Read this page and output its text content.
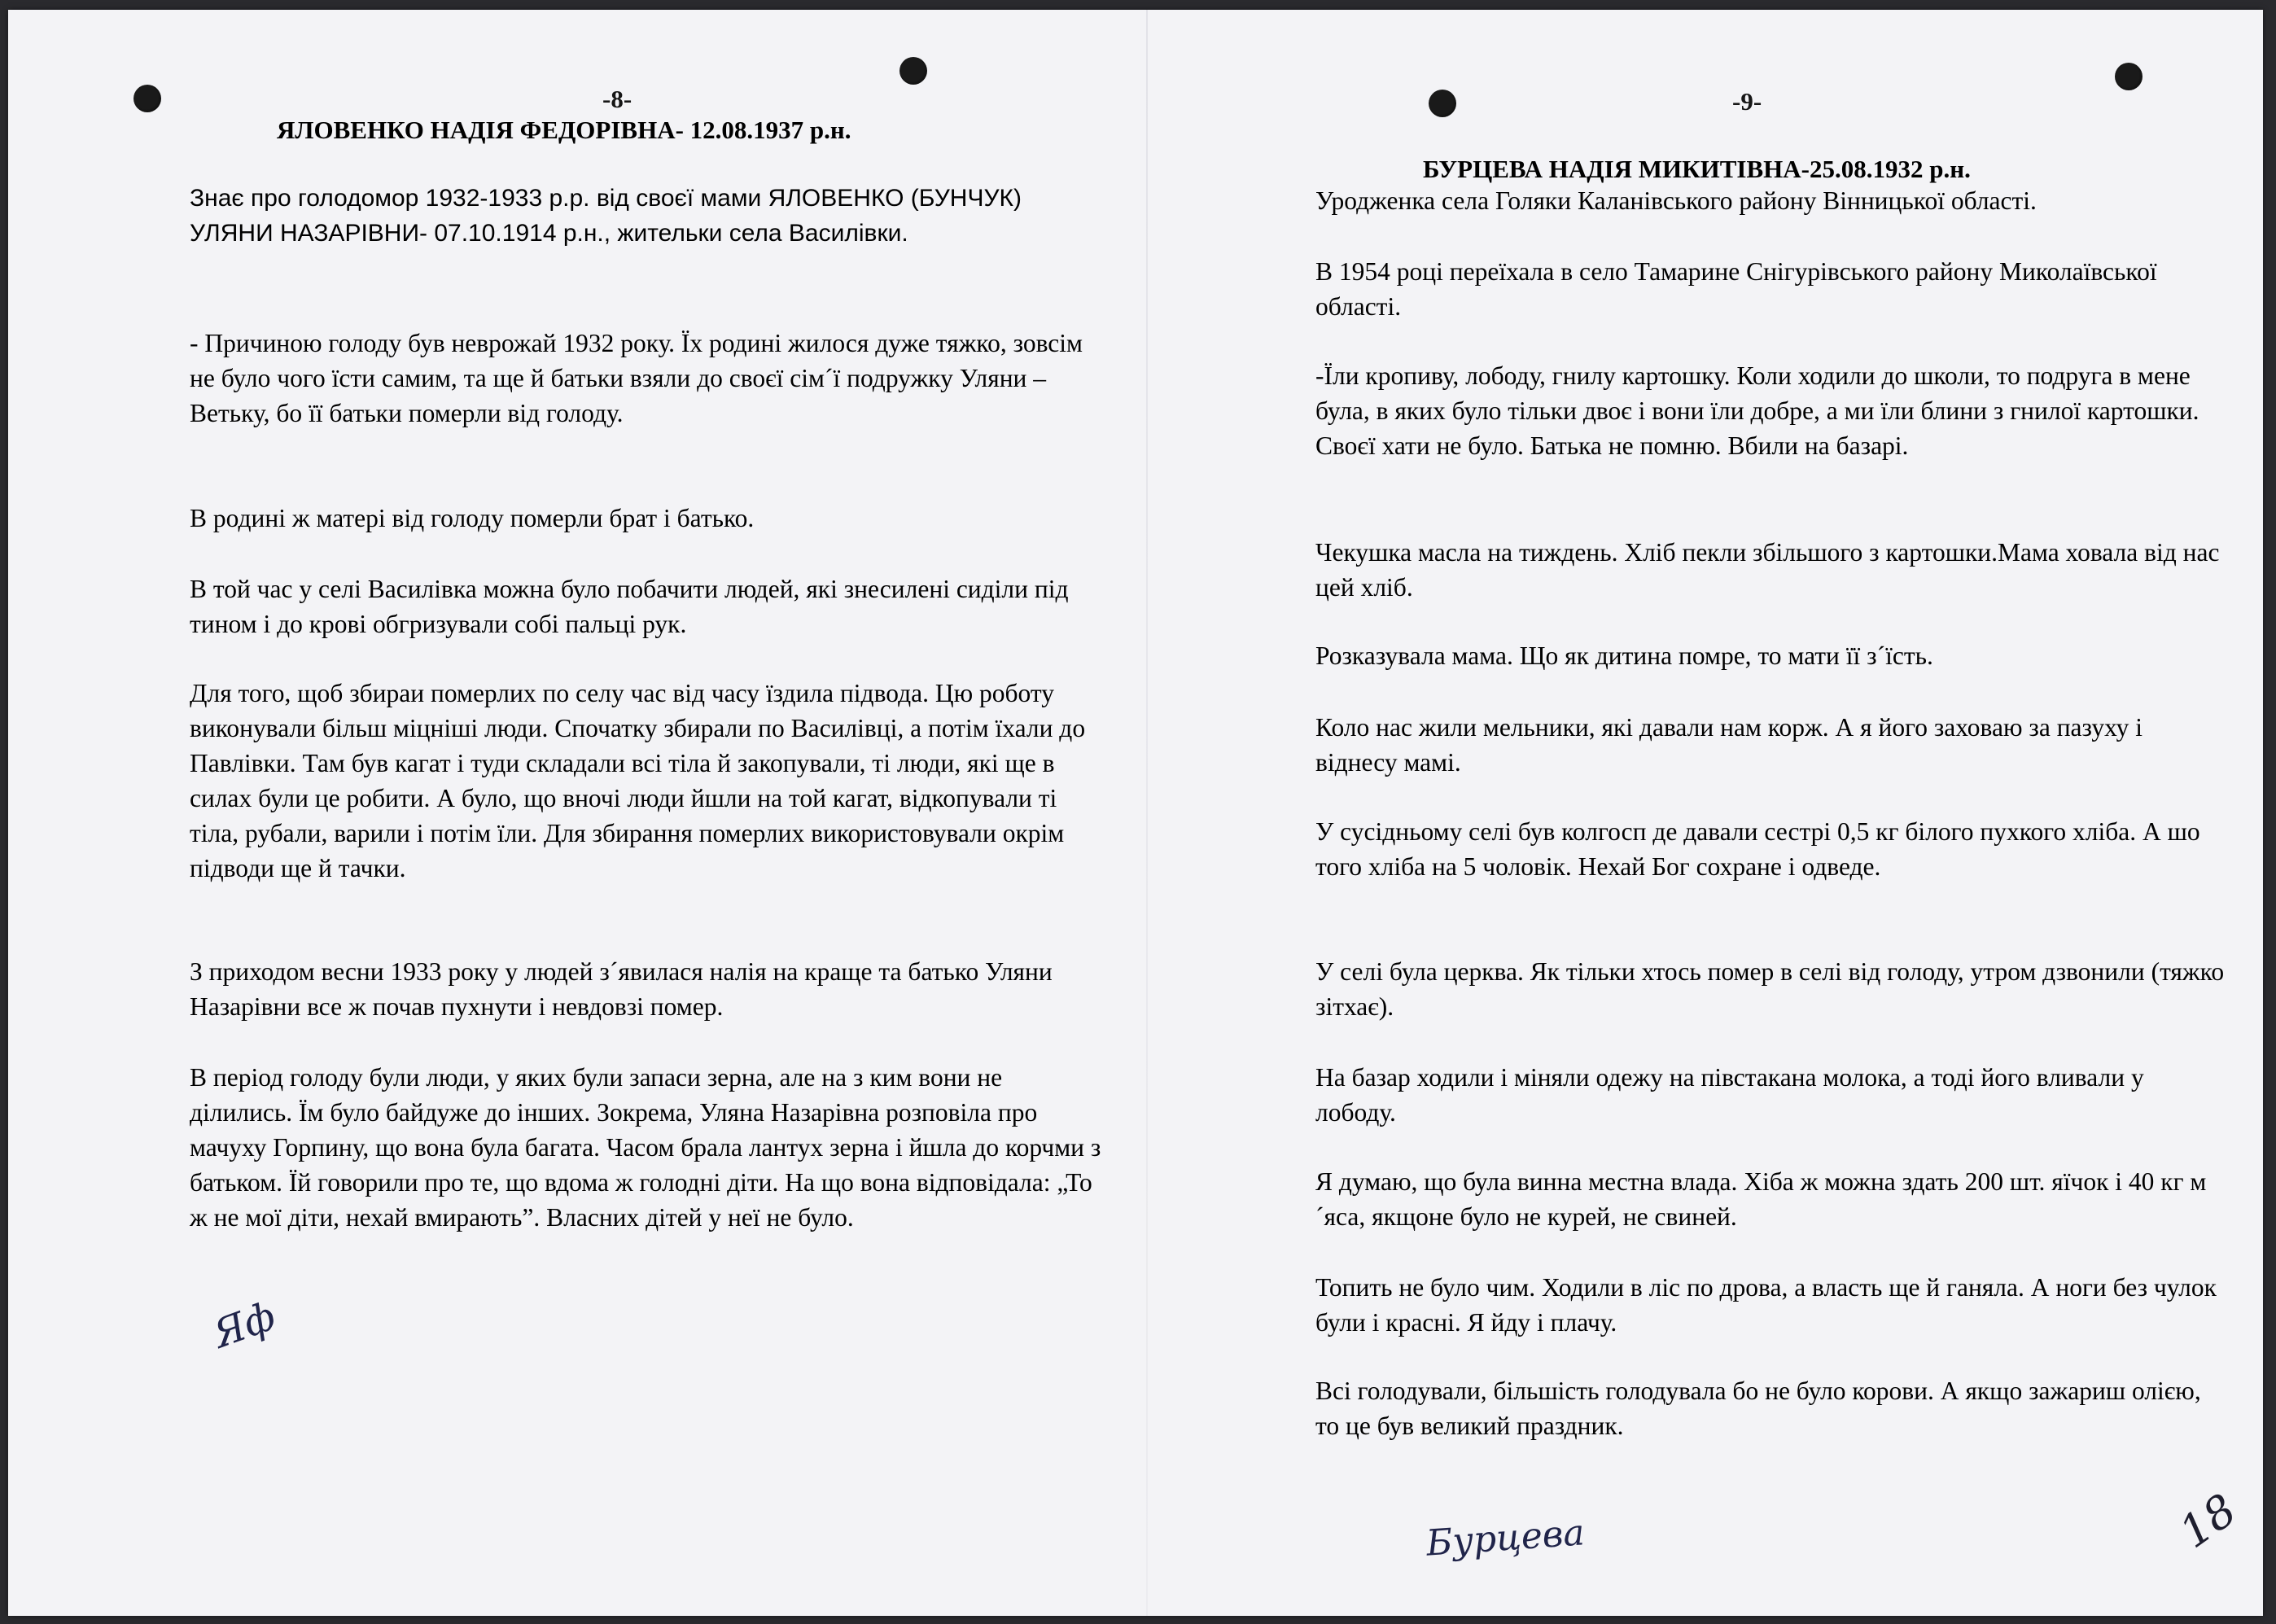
-8-
ЯЛОВЕНКО НАДІЯ ФЕДОРІВНА- 12.08.1937 р.н.

Знає про голодомор 1932-1933 р.р. від своєї мами ЯЛОВЕНКО (БУНЧУК) УЛЯНИ НАЗАРІВНИ- 07.10.1914 р.н., жительки села Василівки.

- Причиною голоду був неврожай 1932 року. Їх родині жилося дуже тяжко, зовсім не було чого їсти самим, та ще й батьки взяли до своєї сім´ї подружку Уляни – Ветьку, бо її батьки померли від голоду.

В родині ж матері від голоду померли брат і батько.

В той час у селі Василівка можна було побачити людей, які знесилені сиділи під тином і до крові обгризували собі пальці рук.

Для того, щоб збираи померлих по селу час від часу їздила підвода. Цю роботу виконували більш міцніші люди. Спочатку збирали по Василівці, а потім їхали до Павлівки. Там був кагат і туди складали всі тіла й закопували, ті люди, які ще в силах були це робити. А було, що вночі люди йшли на той кагат, відкопували ті тіла, рубали, варили і потім їли. Для збирання померлих використовували окрім підводи ще й тачки.

З приходом весни 1933 року у людей з´явилася налія на краще та батько Уляни Назарівни все ж почав пухнути і невдовзі помер.

В період голоду були люди, у яких були запаси зерна, але на з ким вони не ділились. Їм було байдуже до інших. Зокрема, Уляна Назарівна розповіла про мачуху Горпину, що вона була багата. Часом брала лантух зерна і йшла до корчми з батьком. Їй говорили про те, що вдома ж голодні діти. На що вона відповідала: „То ж не мої діти, нехай вмирають”. Власних дітей у неї не було.

Яф
-9-
БУРЦЕВА НАДІЯ МИКИТІВНА-25.08.1932 р.н.

Уродженка села Голяки Каланівського району Вінницької області.

В 1954 році переїхала в село Тамарине Снігурівського району Миколаївської області.

-Їли кропиву, лободу, гнилу картошку. Коли ходили до школи, то подруга в мене була, в яких було тільки двоє і вони їли добре, а ми їли блини з гнилої картошки. Своєї хати не було. Батька не помню. Вбили на базарі.

Чекушка масла на тиждень. Хліб пекли збільшого з картошки.Мама ховала від нас цей хліб.

Розказувала мама. Що як дитина помре, то мати її з´їсть.

Коло нас жили мельники, які давали нам корж. А я його заховаю за пазуху і віднесу мамі.

У сусідньому селі був колгосп де давали сестрі 0,5 кг білого пухкого хліба. А шо того хліба на 5 чоловік. Нехай Бог сохране і одведе.

У селі була церква. Як тільки хтось помер в селі від голоду, утром дзвонили (тяжко зітхає).

На базар ходили і міняли одежу на півстакана молока, а тоді його вливали у лободу.

Я думаю, що була винна местна влада. Хіба ж можна здать 200 шт. яїчок і 40 кг м´яса, якщоне було не курей, не свиней.

Топить не було чим. Ходили в ліс по дрова, а власть ще й ганяла. А ноги без чулок були і красні. Я йду і плачу.

Всі голодували, більшість голодувала бо не було корови. А якщо зажариш олією, то це був великий праздник.

Бурцева	18
